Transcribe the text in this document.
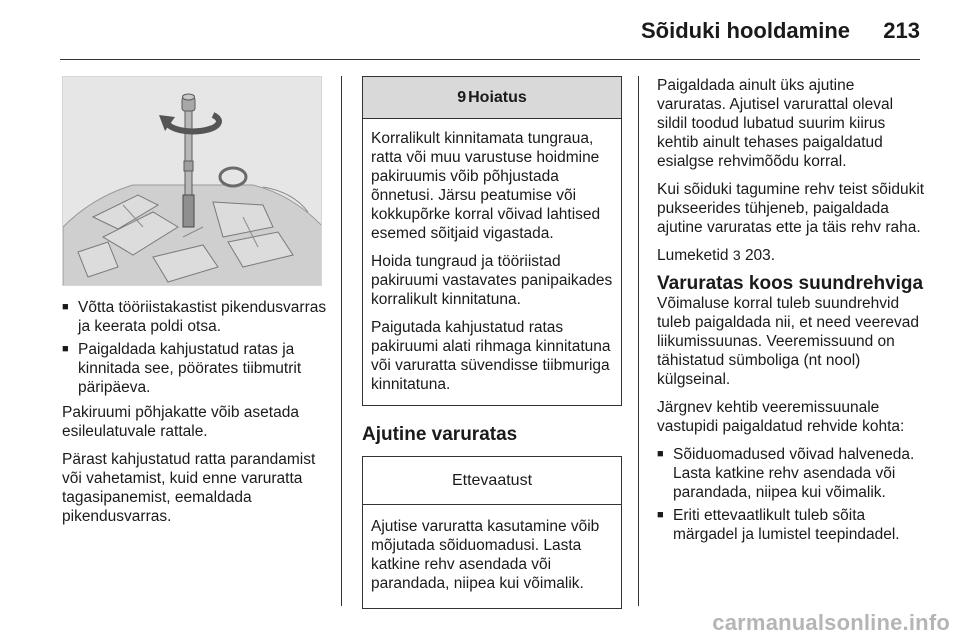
Sõiduki hooldamine 213
■ Võtta tööriistakastist pikendusvarras ja keerata poldi otsa.
■ Paigaldada kahjustatud ratas ja kinnitada see, pöörates tiibmutrit päripäeva.

Pakiruumi põhjakatte võib asetada esileulatuvale rattale.

Pärast kahjustatud ratta parandamist või vahetamist, kuid enne varuratta tagasipanemist, eemaldada pikendusvarras.

9 Hoiatus

Korralikult kinnitamata tungraua, ratta või muu varustuse hoidmine pakiruumis võib põhjustada õnnetusi. Järsu peatumise või kokkupõrke korral võivad lahtised esemed sõitjaid vigastada.

Hoida tungraud ja tööriistad pakiruumi vastavates panipaikades korralikult kinnitatuna.

Paigutada kahjustatud ratas pakiruumi alati rihmaga kinnitatuna või varuratta süvendisse tiibmuriga kinnitatuna.

Ajutine varuratas
Ettevaatust

Ajutise varuratta kasutamine võib mõjutada sõiduomadusi. Lasta katkine rehv asendada või parandada, niipea kui võimalik.

Paigaldada ainult üks ajutine varuratas. Ajutisel varurattal oleval sildil toodud lubatud suurim kiirus kehtib ainult tehases paigaldatud esialgse rehvimõõdu korral.

Kui sõiduki tagumine rehv teist sõidukit pukseerides tühjeneb, paigaldada ajutine varuratas ette ja täis rehv raha.

Lumeketid 3 203.

Varuratas koos suundrehviga

Võimaluse korral tuleb suundrehvid tuleb paigaldada nii, et need veerevad liikumissuunas. Veeremissuund on tähistatud sümboliga (nt nool) külgseinal.

Järgnev kehtib veeremissuunale vastupidi paigaldatud rehvide kohta:

■ Sõiduomadused võivad halveneda. Lasta katkine rehv asendada või parandada, niipea kui võimalik.
■ Eriti ettevaatlikult tuleb sõita märgadel ja lumistel teepindadel.
carmanualsonline.info
